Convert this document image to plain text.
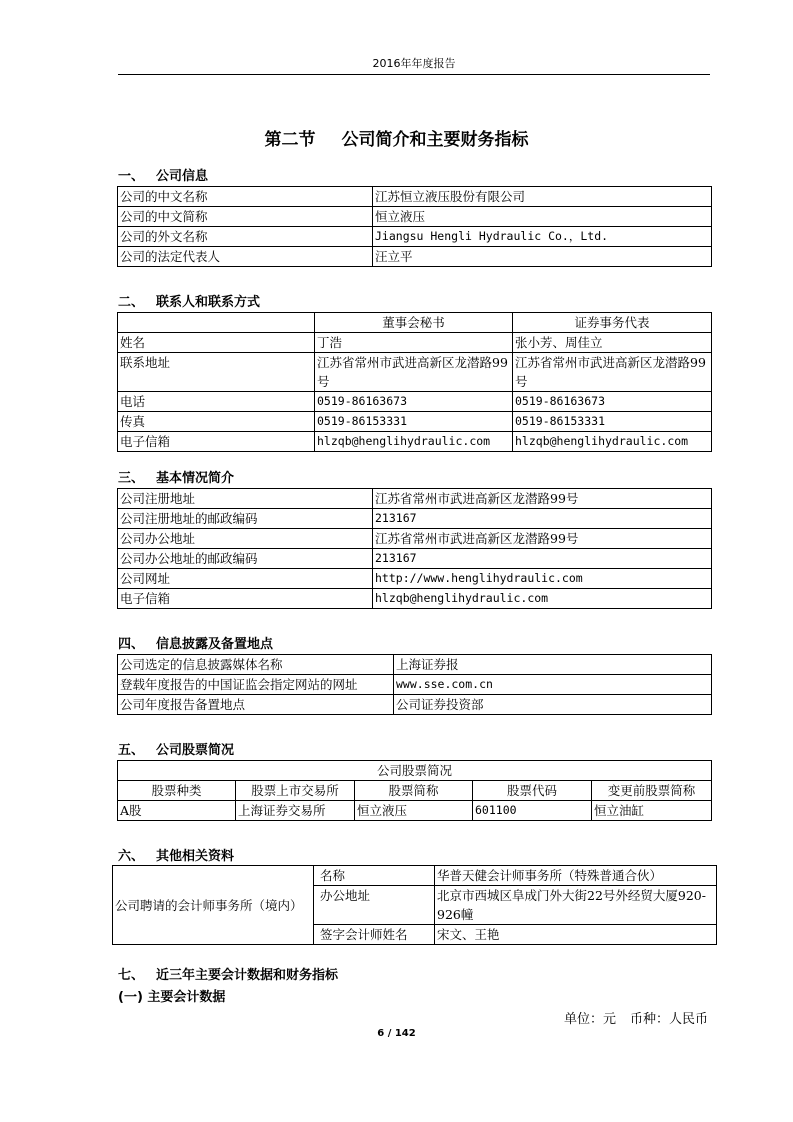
2016年年度报告
第二节 公司简介和主要财务指标
一、 公司信息
公司的中文名称	江苏恒立液压股份有限公司
公司的中文简称	恒立液压
公司的外文名称	Jiangsu Hengli Hydraulic Co.，Ltd.
公司的法定代表人	汪立平
二、 联系人和联系方式
	董事会秘书	证券事务代表
姓名	丁浩	张小芳、周佳立
联系地址	江苏省常州市武进高新区龙潜路99号	江苏省常州市武进高新区龙潜路99号
电话	0519-86163673	0519-86163673
传真	0519-86153331	0519-86153331
电子信箱	hlzqb@henglihydraulic.com	hlzqb@henglihydraulic.com
三、 基本情况简介
公司注册地址	江苏省常州市武进高新区龙潜路99号
公司注册地址的邮政编码	213167
公司办公地址	江苏省常州市武进高新区龙潜路99号
公司办公地址的邮政编码	213167
公司网址	http://www.henglihydraulic.com
电子信箱	hlzqb@henglihydraulic.com
四、 信息披露及备置地点
公司选定的信息披露媒体名称	上海证券报
登载年度报告的中国证监会指定网站的网址	www.sse.com.cn
公司年度报告备置地点	公司证券投资部
五、 公司股票简况
公司股票简况				
股票种类	股票上市交易所	股票简称	股票代码	变更前股票简称
A股	上海证券交易所	恒立液压	601100	恒立油缸
六、 其他相关资料
公司聘请的会计师事务所（境内）	名称	华普天健会计师事务所（特殊普通合伙）
	办公地址	北京市西城区阜成门外大街22号外经贸大厦920-926幢
	签字会计师姓名	宋文、王艳
七、 近三年主要会计数据和财务指标
(一) 主要会计数据
单位：元 币种：人民币
6 / 142
